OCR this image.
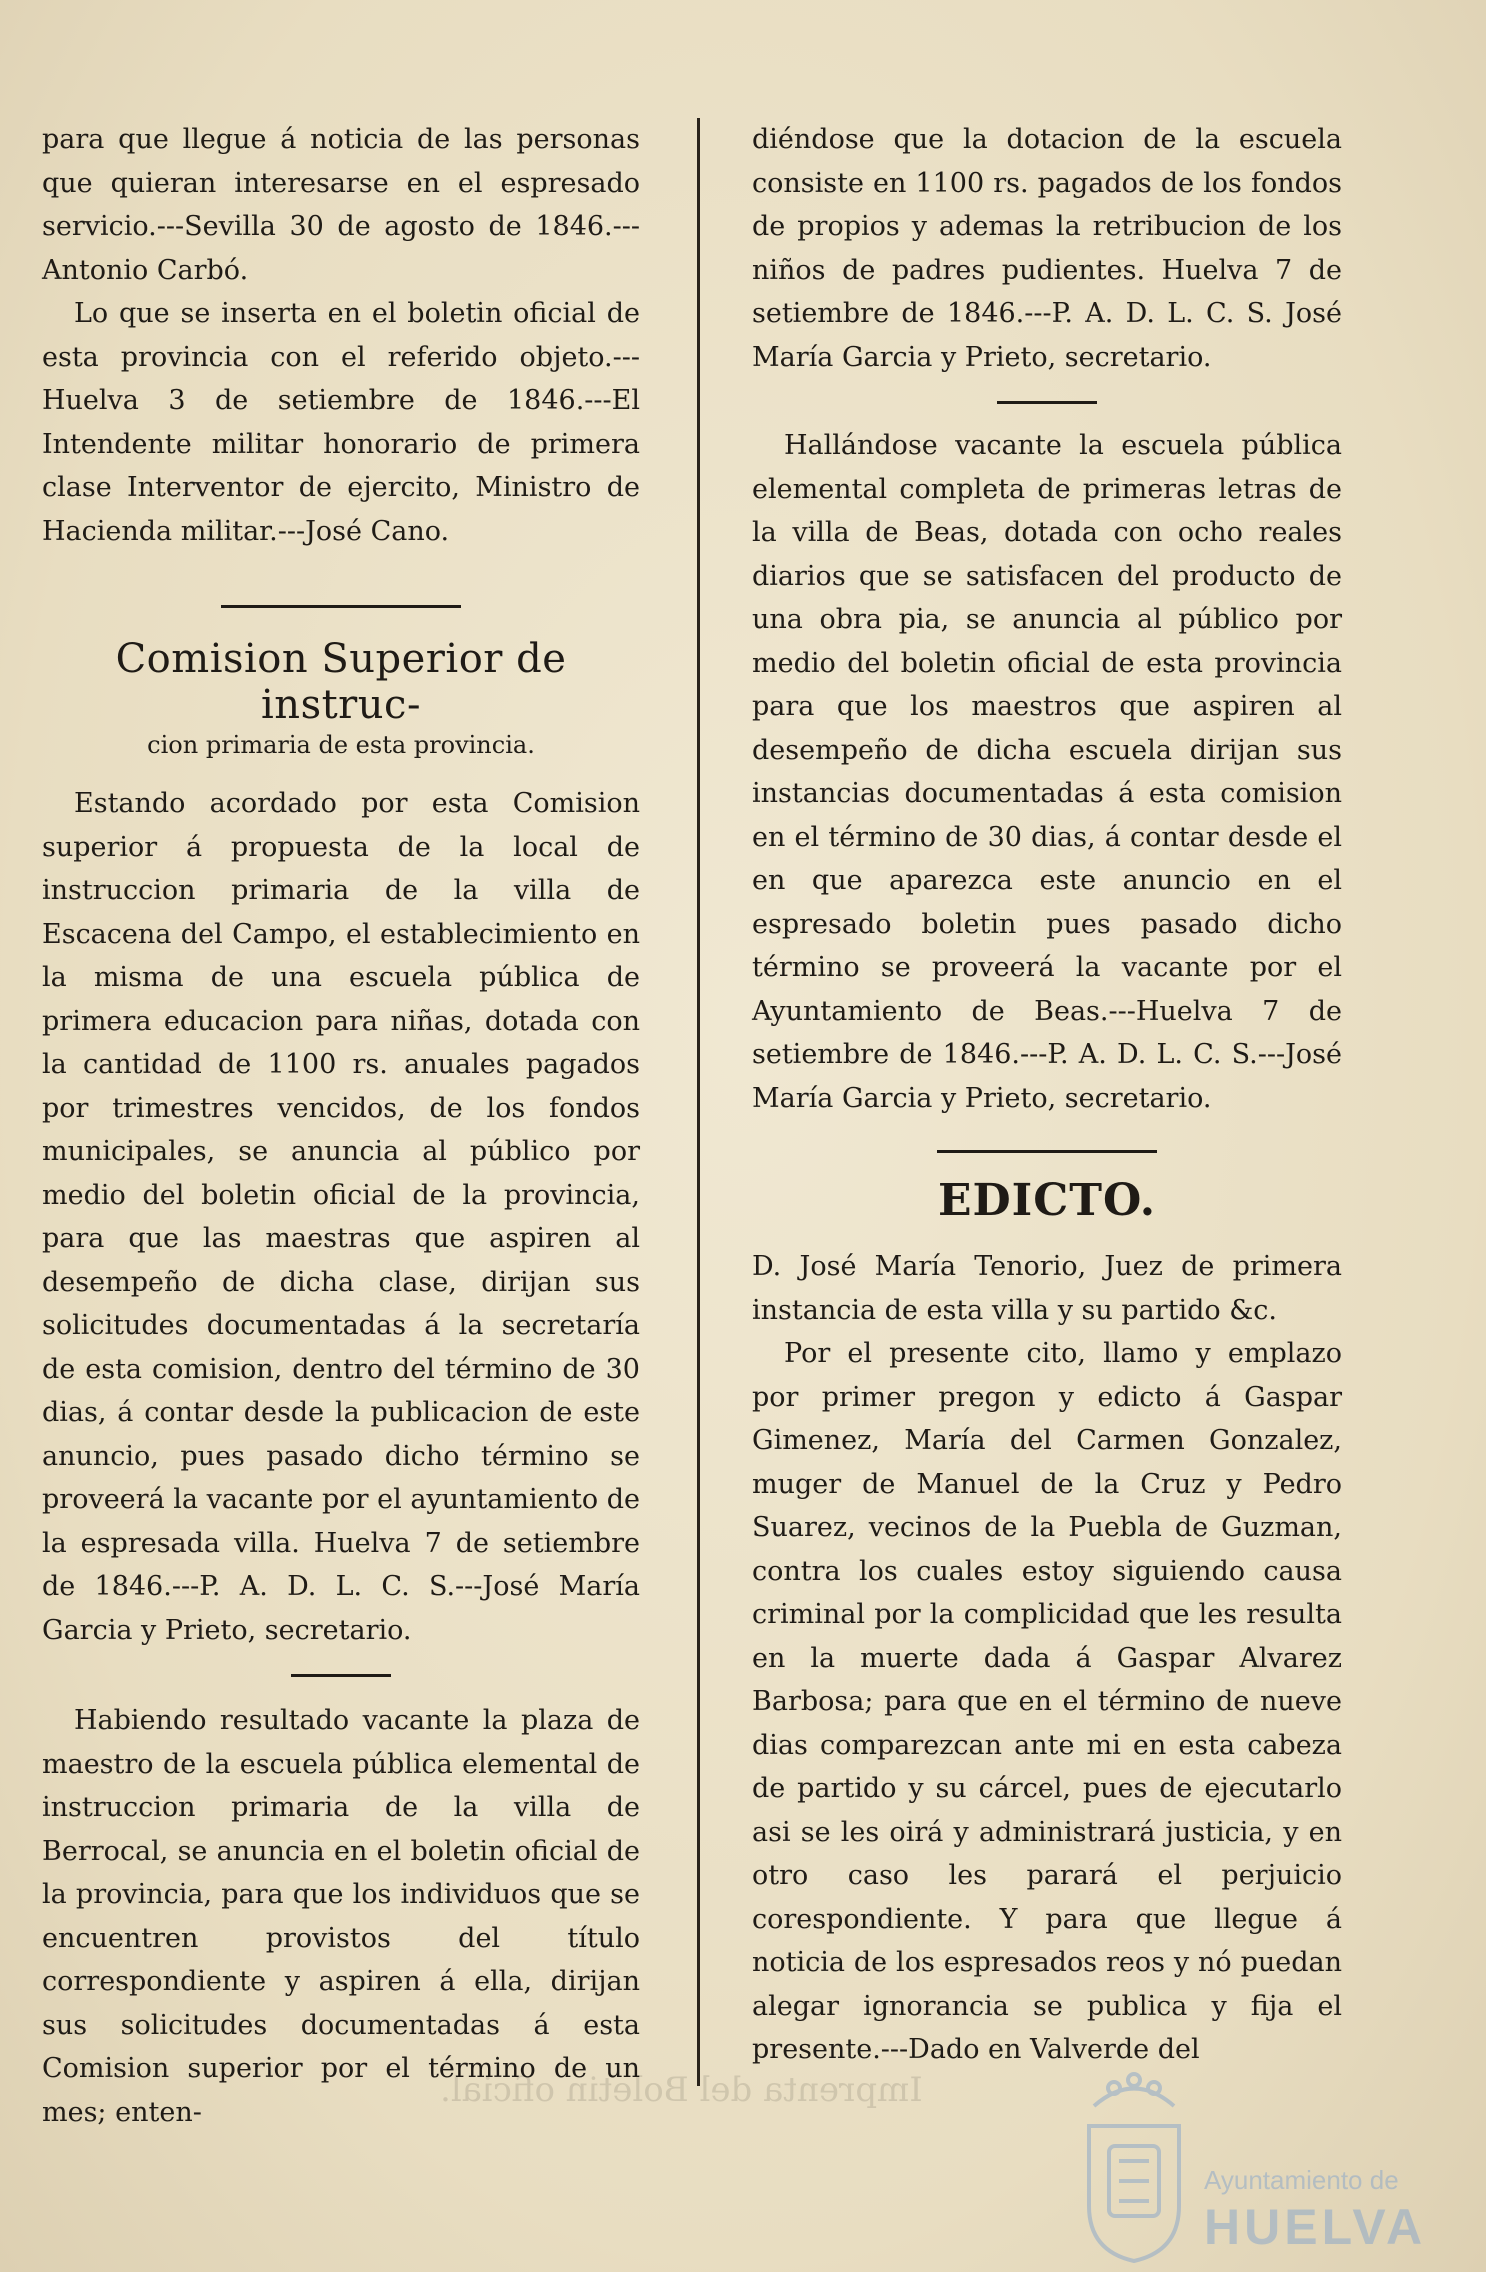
para que llegue á noticia de las personas que quieran interesarse en el espresado servicio.---Sevilla 30 de agosto de 1846.---Antonio Carbó.

Lo que se inserta en el boletin oficial de esta provincia con el referido objeto.---Huelva 3 de setiembre de 1846.---El Intendente militar honorario de primera clase Interventor de ejercito, Ministro de Hacienda militar.---José Cano.

Comision Superior de instruc-
cion primaria de esta provincia.

Estando acordado por esta Comision superior á propuesta de la local de instruccion primaria de la villa de Escacena del Campo, el establecimiento en la misma de una escuela pública de primera educacion para niñas, dotada con la cantidad de 1100 rs. anuales pagados por trimestres vencidos, de los fondos municipales, se anuncia al público por medio del boletin oficial de la provincia, para que las maestras que aspiren al desempeño de dicha clase, dirijan sus solicitudes documentadas á la secretaría de esta comision, dentro del término de 30 dias, á contar desde la publicacion de este anuncio, pues pasado dicho término se proveerá la vacante por el ayuntamiento de la espresada villa. Huelva 7 de setiembre de 1846.---P. A. D. L. C. S.---José María Garcia y Prieto, secretario.

Habiendo resultado vacante la plaza de maestro de la escuela pública elemental de instruccion primaria de la villa de Berrocal, se anuncia en el boletin oficial de la provincia, para que los individuos que se encuentren provistos del título correspondiente y aspiren á ella, dirijan sus solicitudes documentadas á esta Comision superior por el término de un mes; enten-

diéndose que la dotacion de la escuela consiste en 1100 rs. pagados de los fondos de propios y ademas la retribucion de los niños de padres pudientes. Huelva 7 de setiembre de 1846.---P. A. D. L. C. S. José María Garcia y Prieto, secretario.

Hallándose vacante la escuela pública elemental completa de primeras letras de la villa de Beas, dotada con ocho reales diarios que se satisfacen del producto de una obra pia, se anuncia al público por medio del boletin oficial de esta provincia para que los maestros que aspiren al desempeño de dicha escuela dirijan sus instancias documentadas á esta comision en el término de 30 dias, á contar desde el en que aparezca este anuncio en el espresado boletin pues pasado dicho término se proveerá la vacante por el Ayuntamiento de Beas.---Huelva 7 de setiembre de 1846.---P. A. D. L. C. S.---José María Garcia y Prieto, secretario.

EDICTO.

D. José María Tenorio, Juez de primera instancia de esta villa y su partido &c.

Por el presente cito, llamo y emplazo por primer pregon y edicto á Gaspar Gimenez, María del Carmen Gonzalez, muger de Manuel de la Cruz y Pedro Suarez, vecinos de la Puebla de Guzman, contra los cuales estoy siguiendo causa criminal por la complicidad que les resulta en la muerte dada á Gaspar Alvarez Barbosa; para que en el término de nueve dias comparezcan ante mi en esta cabeza de partido y su cárcel, pues de ejecutarlo asi se les oirá y administrará justicia, y en otro caso les parará el perjuicio corespondiente. Y para que llegue á noticia de los espresados reos y nó puedan alegar ignorancia se publica y fija el presente.---Dado en Valverde del

Imprenta del Boletin oficial.
Ayuntamiento de
HUELVA
